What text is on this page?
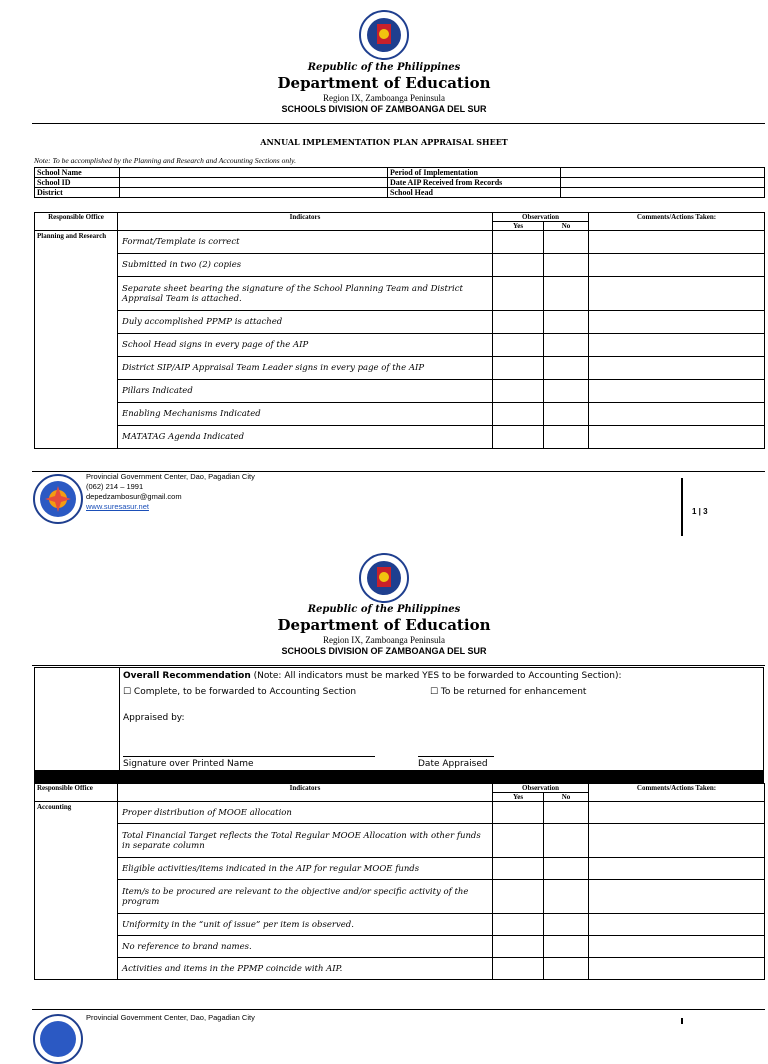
Republic of the Philippines
Department of Education
Region IX, Zamboanga Peninsula
SCHOOLS DIVISION OF ZAMBOANGA DEL SUR
ANNUAL IMPLEMENTATION PLAN APPRAISAL SHEET
Note: To be accomplished by the Planning and Research and Accounting Sections only.
School Name		Period of Implementation	
School ID		Date AIP Received from Records	
District		School Head	
Responsible Office	Indicators	Observation		Comments/Actions Taken:
		Yes	No	
Planning and Research	Format/Template is correct			
	Submitted in two (2) copies			
	Separate sheet bearing the signature of the School Planning Team and District Appraisal Team is attached.			
	Duly accomplished PPMP is attached			
	School Head signs in every page of the AIP			
	District SIP/AIP Appraisal Team Leader signs in every page of the AIP			
	Pillars Indicated			
	Enabling Mechanisms Indicated			
	MATATAG Agenda Indicated			
Provincial Government Center, Dao, Pagadian City
(062) 214 – 1991
depedzambosur@gmail.com
www.suresasur.net
1 | 3
Republic of the Philippines
Department of Education
Region IX, Zamboanga Peninsula
SCHOOLS DIVISION OF ZAMBOANGA DEL SUR
Overall Recommendation (Note: All indicators must be marked YES to be forwarded to Accounting Section):
☐ Complete, to be forwarded to Accounting Section	☐ To be returned for enhancement
Appraised by:
Signature over Printed Name	Date Appraised
Responsible Office	Indicators	Observation		Comments/Actions Taken:
		Yes	No	
Accounting	Proper distribution of MOOE allocation			
	Total Financial Target reflects the Total Regular MOOE Allocation with other funds in separate column			
	Eligible activities/items indicated in the AIP for regular MOOE funds			
	Item/s to be procured are relevant to the objective and/or specific activity of the program			
	Uniformity in the “unit of issue” per item is observed.			
	No reference to brand names.			
	Activities and items in the PPMP coincide with AIP.			
Provincial Government Center, Dao, Pagadian City
